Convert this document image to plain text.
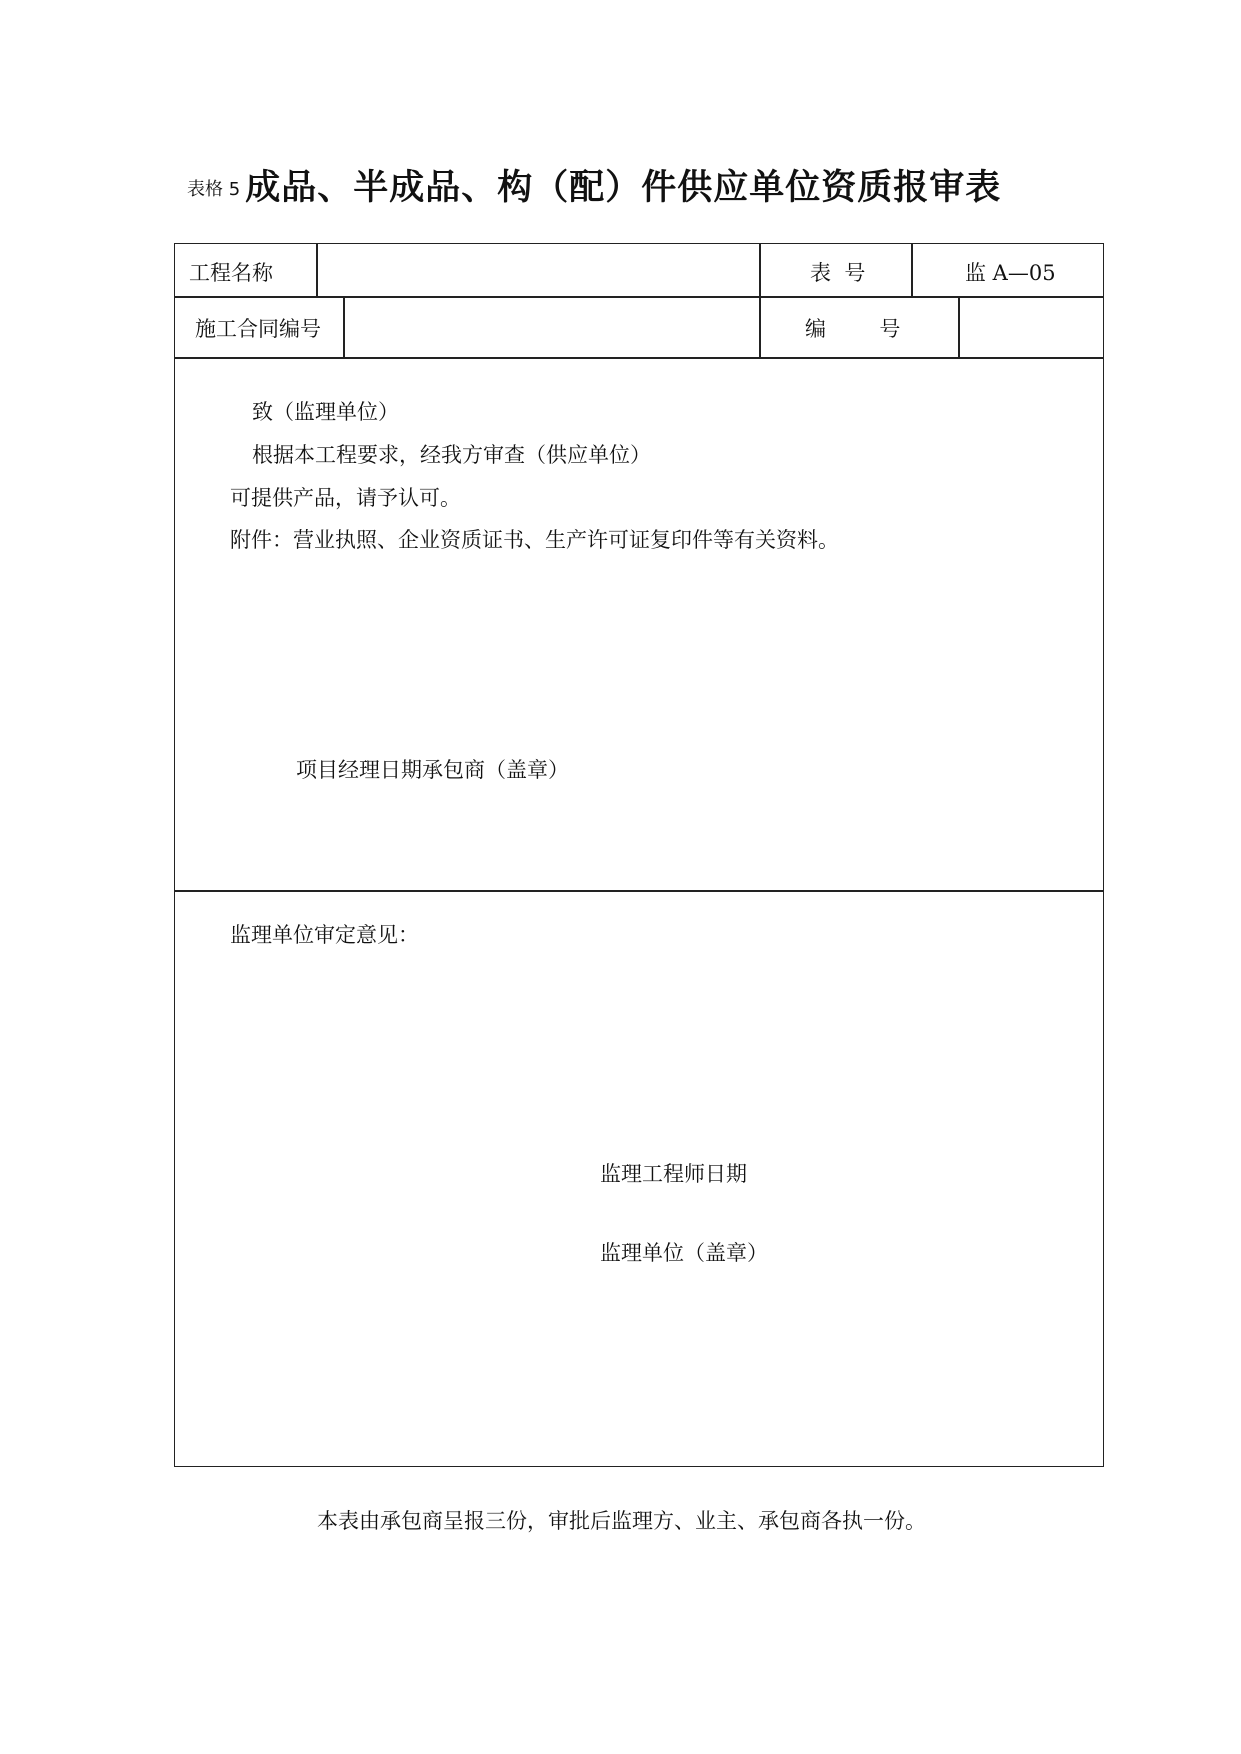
表格 5 成品、半成品、构（配）件供应单位资质报审表
工程名称	表  号	监 A—05
施工合同编号	编        号
致（监理单位）
根据本工程要求，经我方审查（供应单位）
可提供产品，请予认可。
附件：营业执照、企业资质证书、生产许可证复印件等有关资料。
项目经理日期承包商（盖章）
监理单位审定意见：
监理工程师日期
监理单位（盖章）
本表由承包商呈报三份，审批后监理方、业主、承包商各执一份。
